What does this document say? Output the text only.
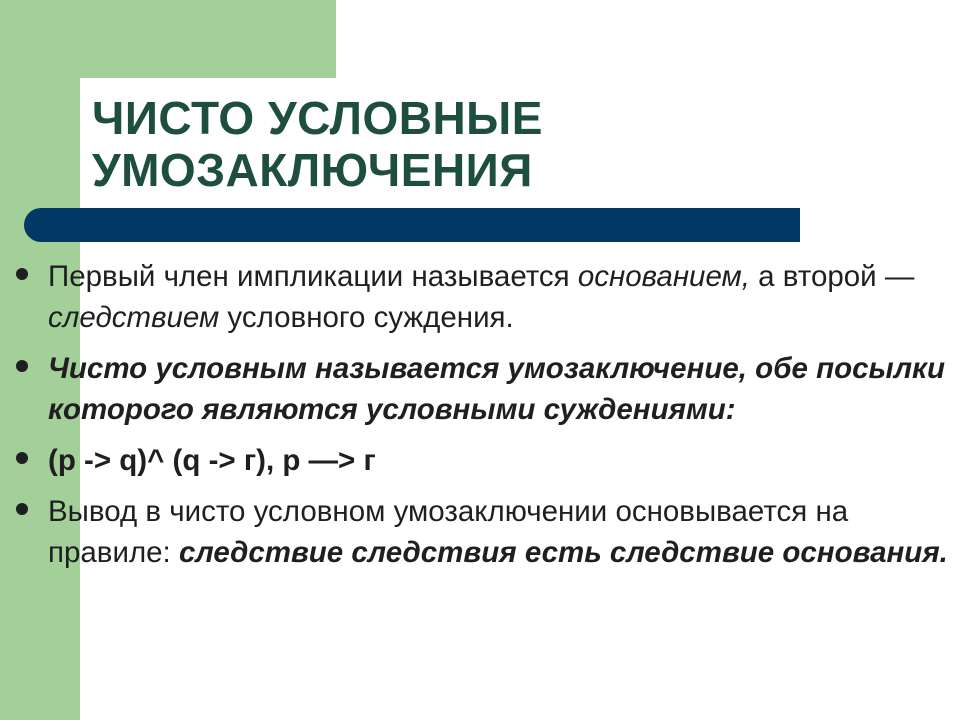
ЧИСТО УСЛОВНЫЕ
УМОЗАКЛЮЧЕНИЯ
Первый член импликации называется основанием, а второй — следствием условного суждения.
Чисто условным называется умозаключение, обе посылки которого являются условными суждениями:
(р -> q)^ (q -> г), р —> г
Вывод в чисто условном умозаключении основывается на правиле: следствие следствия есть следствие основания.
